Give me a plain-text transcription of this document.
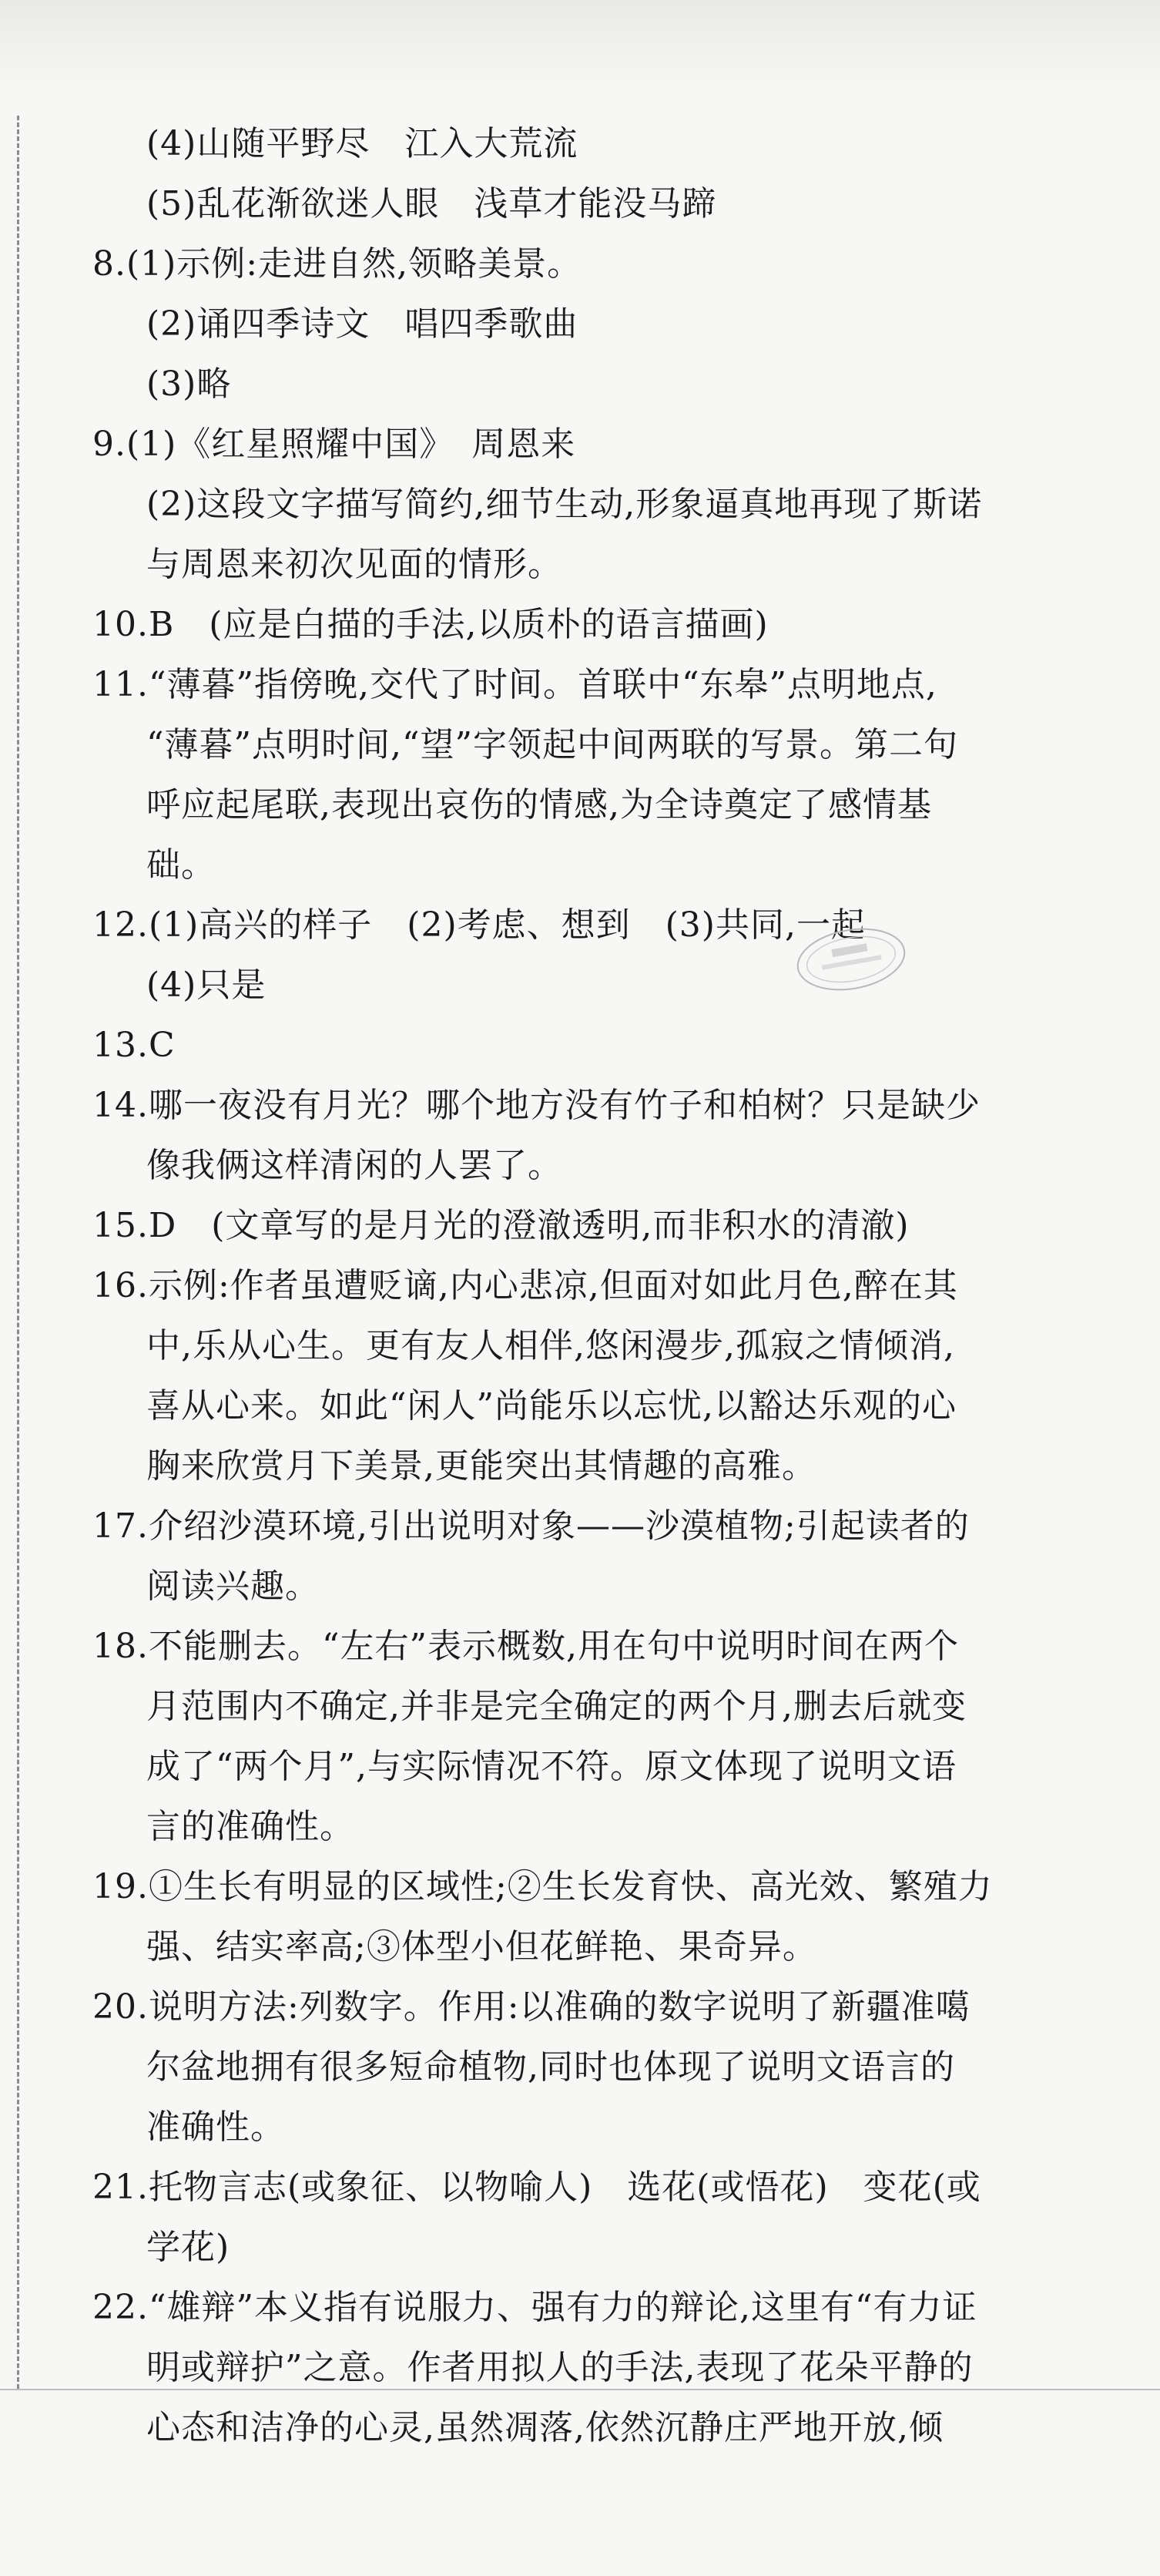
(4)山随平野尽　江入大荒流
(5)乱花渐欲迷人眼　浅草才能没马蹄
8.(1)示例:走进自然,领略美景。
(2)诵四季诗文　唱四季歌曲
(3)略
9.(1)《红星照耀中国》　周恩来
(2)这段文字描写简约,细节生动,形象逼真地再现了斯诺
与周恩来初次见面的情形。
10.B　(应是白描的手法,以质朴的语言描画)
11.“薄暮”指傍晚,交代了时间。首联中“东皋”点明地点,
“薄暮”点明时间,“望”字领起中间两联的写景。第二句
呼应起尾联,表现出哀伤的情感,为全诗奠定了感情基
础。
12.(1)高兴的样子　(2)考虑、想到　(3)共同,一起
(4)只是
13.C
14.哪一夜没有月光？哪个地方没有竹子和柏树？只是缺少
像我俩这样清闲的人罢了。
15.D　(文章写的是月光的澄澈透明,而非积水的清澈)
16.示例:作者虽遭贬谪,内心悲凉,但面对如此月色,醉在其
中,乐从心生。更有友人相伴,悠闲漫步,孤寂之情倾消,
喜从心来。如此“闲人”尚能乐以忘忧,以豁达乐观的心
胸来欣赏月下美景,更能突出其情趣的高雅。
17.介绍沙漠环境,引出说明对象——沙漠植物;引起读者的
阅读兴趣。
18.不能删去。“左右”表示概数,用在句中说明时间在两个
月范围内不确定,并非是完全确定的两个月,删去后就变
成了“两个月”,与实际情况不符。原文体现了说明文语
言的准确性。
19.①生长有明显的区域性;②生长发育快、高光效、繁殖力
强、结实率高;③体型小但花鲜艳、果奇异。
20.说明方法:列数字。作用:以准确的数字说明了新疆准噶
尔盆地拥有很多短命植物,同时也体现了说明文语言的
准确性。
21.托物言志(或象征、以物喻人)　选花(或悟花)　变花(或
学花)
22.“雄辩”本义指有说服力、强有力的辩论,这里有“有力证
明或辩护”之意。作者用拟人的手法,表现了花朵平静的
心态和洁净的心灵,虽然凋落,依然沉静庄严地开放,倾
